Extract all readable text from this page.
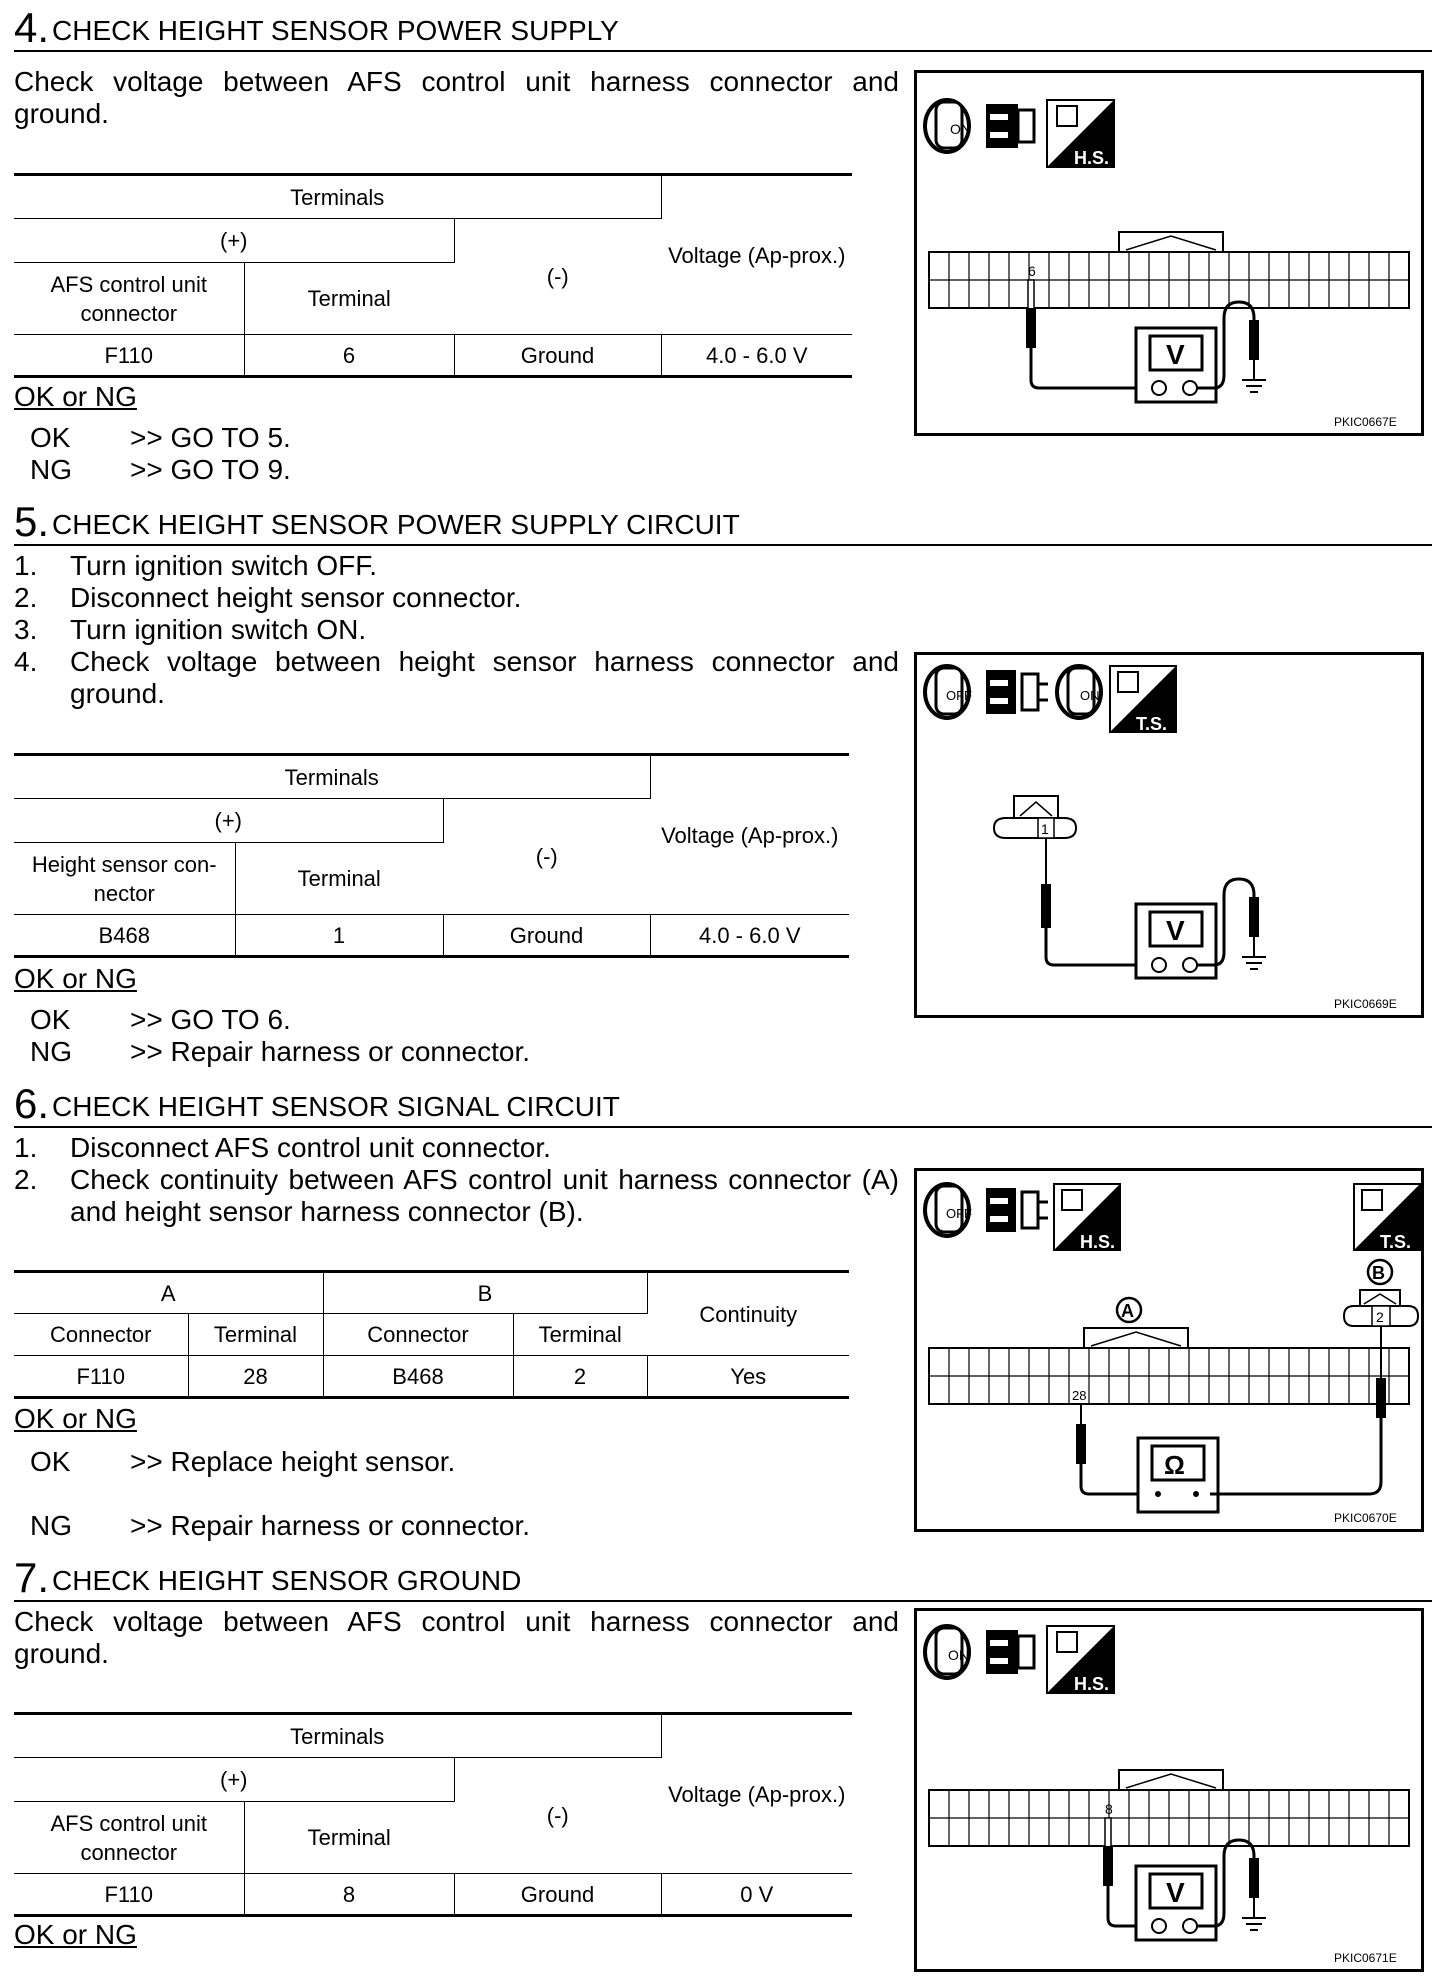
4. CHECK HEIGHT SENSOR POWER SUPPLY
Check voltage between AFS control unit harness connector and ground.
Terminals			Voltage (Ap-prox.)
(+)		(-)	
AFS control unit connector	Terminal		
F110	6	Ground	4.0 - 6.0 V
OK or NG
OK >> GO TO 5.
NG >> GO TO 9.
ON
H.S.
6
V
PKIC0667E
5. CHECK HEIGHT SENSOR POWER SUPPLY CIRCUIT
1. Turn ignition switch OFF.
2. Disconnect height sensor connector.
3. Turn ignition switch ON.
4. Check voltage between height sensor harness connector and ground.
Terminals			Voltage (Ap-prox.)
(+)		(-)	
Height sensor con-nector	Terminal		
B468	1	Ground	4.0 - 6.0 V
OK or NG
OK >> GO TO 6.
NG >> Repair harness or connector.
OFF	ON
T.S.
1
V
PKIC0669E
6. CHECK HEIGHT SENSOR SIGNAL CIRCUIT
1. Disconnect AFS control unit connector.
2. Check continuity between AFS control unit harness connector (A) and height sensor harness connector (B).
A		B		Continuity
Connector	Terminal	Connector	Terminal	
F110	28	B468	2	Yes
OK or NG
OK >> Replace height sensor.
NG >> Repair harness or connector.
OFF
H.S.	T.S.
A
28
B
2
Ω
PKIC0670E
7. CHECK HEIGHT SENSOR GROUND
Check voltage between AFS control unit harness connector and ground.
Terminals			Voltage (Ap-prox.)
(+)		(-)	
AFS control unit connector	Terminal		
F110	8	Ground	0 V
OK or NG
ON
H.S.
8
V
PKIC0671E
